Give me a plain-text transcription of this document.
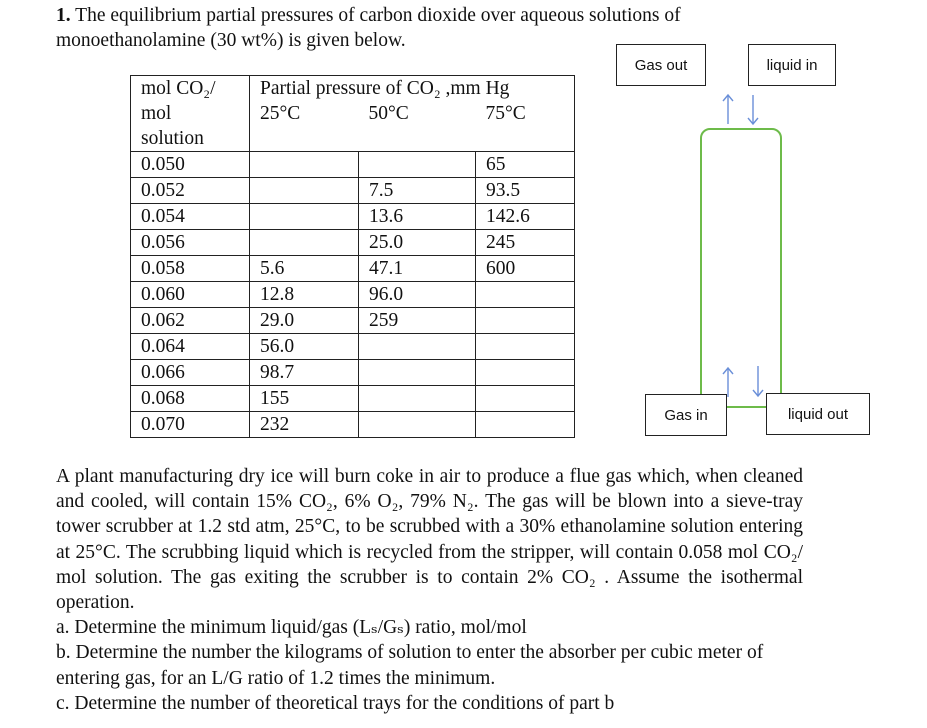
1. The equilibrium partial pressures of carbon dioxide over aqueous solutions of
monoethanolamine (30 wt%) is given below.
mol CO₂/	Partial pressure of CO₂ ,mm Hg		
mol	25°C	50°C	75°C
solution			
0.050			65
0.052		7.5	93.5
0.054		13.6	142.6
0.056		25.0	245
0.058	5.6	47.1	600
0.060	12.8	96.0	
0.062	29.0	259	
0.064	56.0		
0.066	98.7		
0.068	155		
0.070	232		
Gas out	liquid in
Gas in	liquid out

A plant manufacturing dry ice will burn coke in air to produce a flue gas which, when cleaned and cooled, will contain 15% CO₂, 6% O₂, 79% N₂. The gas will be blown into a sieve-tray tower scrubber at 1.2 std atm, 25°C, to be scrubbed with a 30% ethanolamine solution entering at 25°C. The scrubbing liquid which is recycled from the stripper, will contain 0.058 mol CO₂/ mol solution. The gas exiting the scrubber is to contain 2% CO₂ . Assume the isothermal operation.

a. Determine the minimum liquid/gas (Lₛ/Gₛ) ratio, mol/mol

b. Determine the number the kilograms of solution to enter the absorber per cubic meter of entering gas, for an L/G ratio of 1.2 times the minimum.

c. Determine the number of theoretical trays for the conditions of part b
